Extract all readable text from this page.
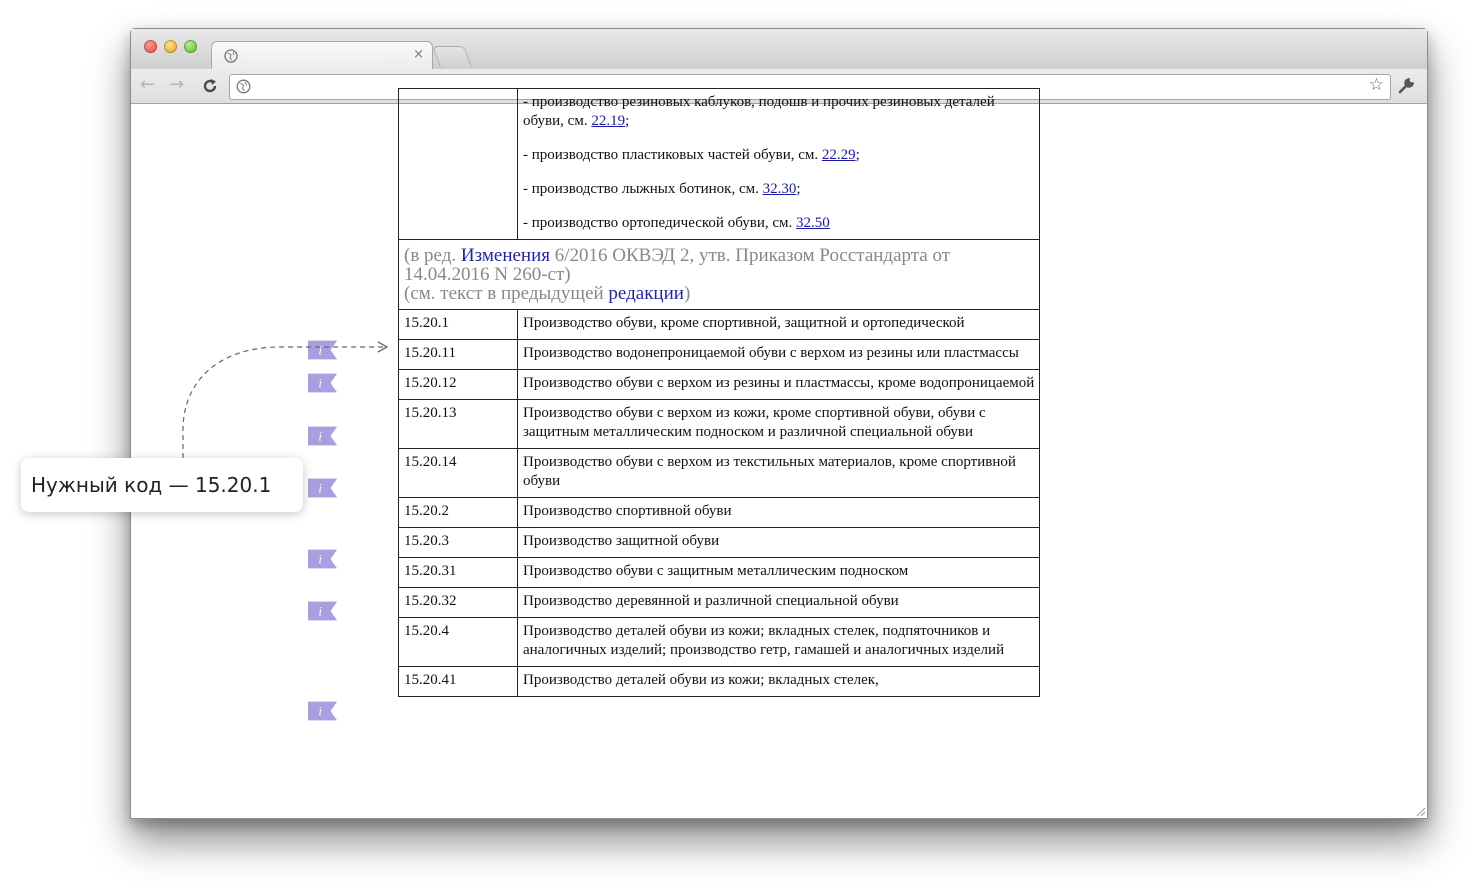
×
← →	☆

	- производство резиновых каблуков, подошв и прочих резиновых деталей обуви, см. 22.19;

- производство пластиковых частей обуви, см. 22.29;

- производство лыжных ботинок, см. 32.30;

- производство ортопедической обуви, см. 32.50

(в ред. Изменения 6/2016 ОКВЭД 2, утв. Приказом Росстандарта от 14.04.2016 N 260-ст)
(см. текст в предыдущей редакции)	
15.20.1	Производство обуви, кроме спортивной, защитной и ортопедической
15.20.11	Производство водонепроницаемой обуви с верхом из резины или пластмассы
15.20.12	Производство обуви с верхом из резины и пластмассы, кроме водопроницаемой
15.20.13	Производство обуви с верхом из кожи, кроме спортивной обуви, обуви с защитным металлическим подноском и различной специальной обуви
15.20.14	Производство обуви с верхом из текстильных материалов, кроме спортивной обуви
15.20.2	Производство спортивной обуви
15.20.3	Производство защитной обуви
15.20.31	Производство обуви с защитным металлическим подноском
15.20.32	Производство деревянной и различной специальной обуви
15.20.4	Производство деталей обуви из кожи; вкладных стелек, подпяточников и аналогичных изделий; производство гетр, гамашей и аналогичных изделий
15.20.41	Производство деталей обуви из кожи; вкладных стелек,
i
i
i
i
i
i
i
Нужный код — 15.20.1
